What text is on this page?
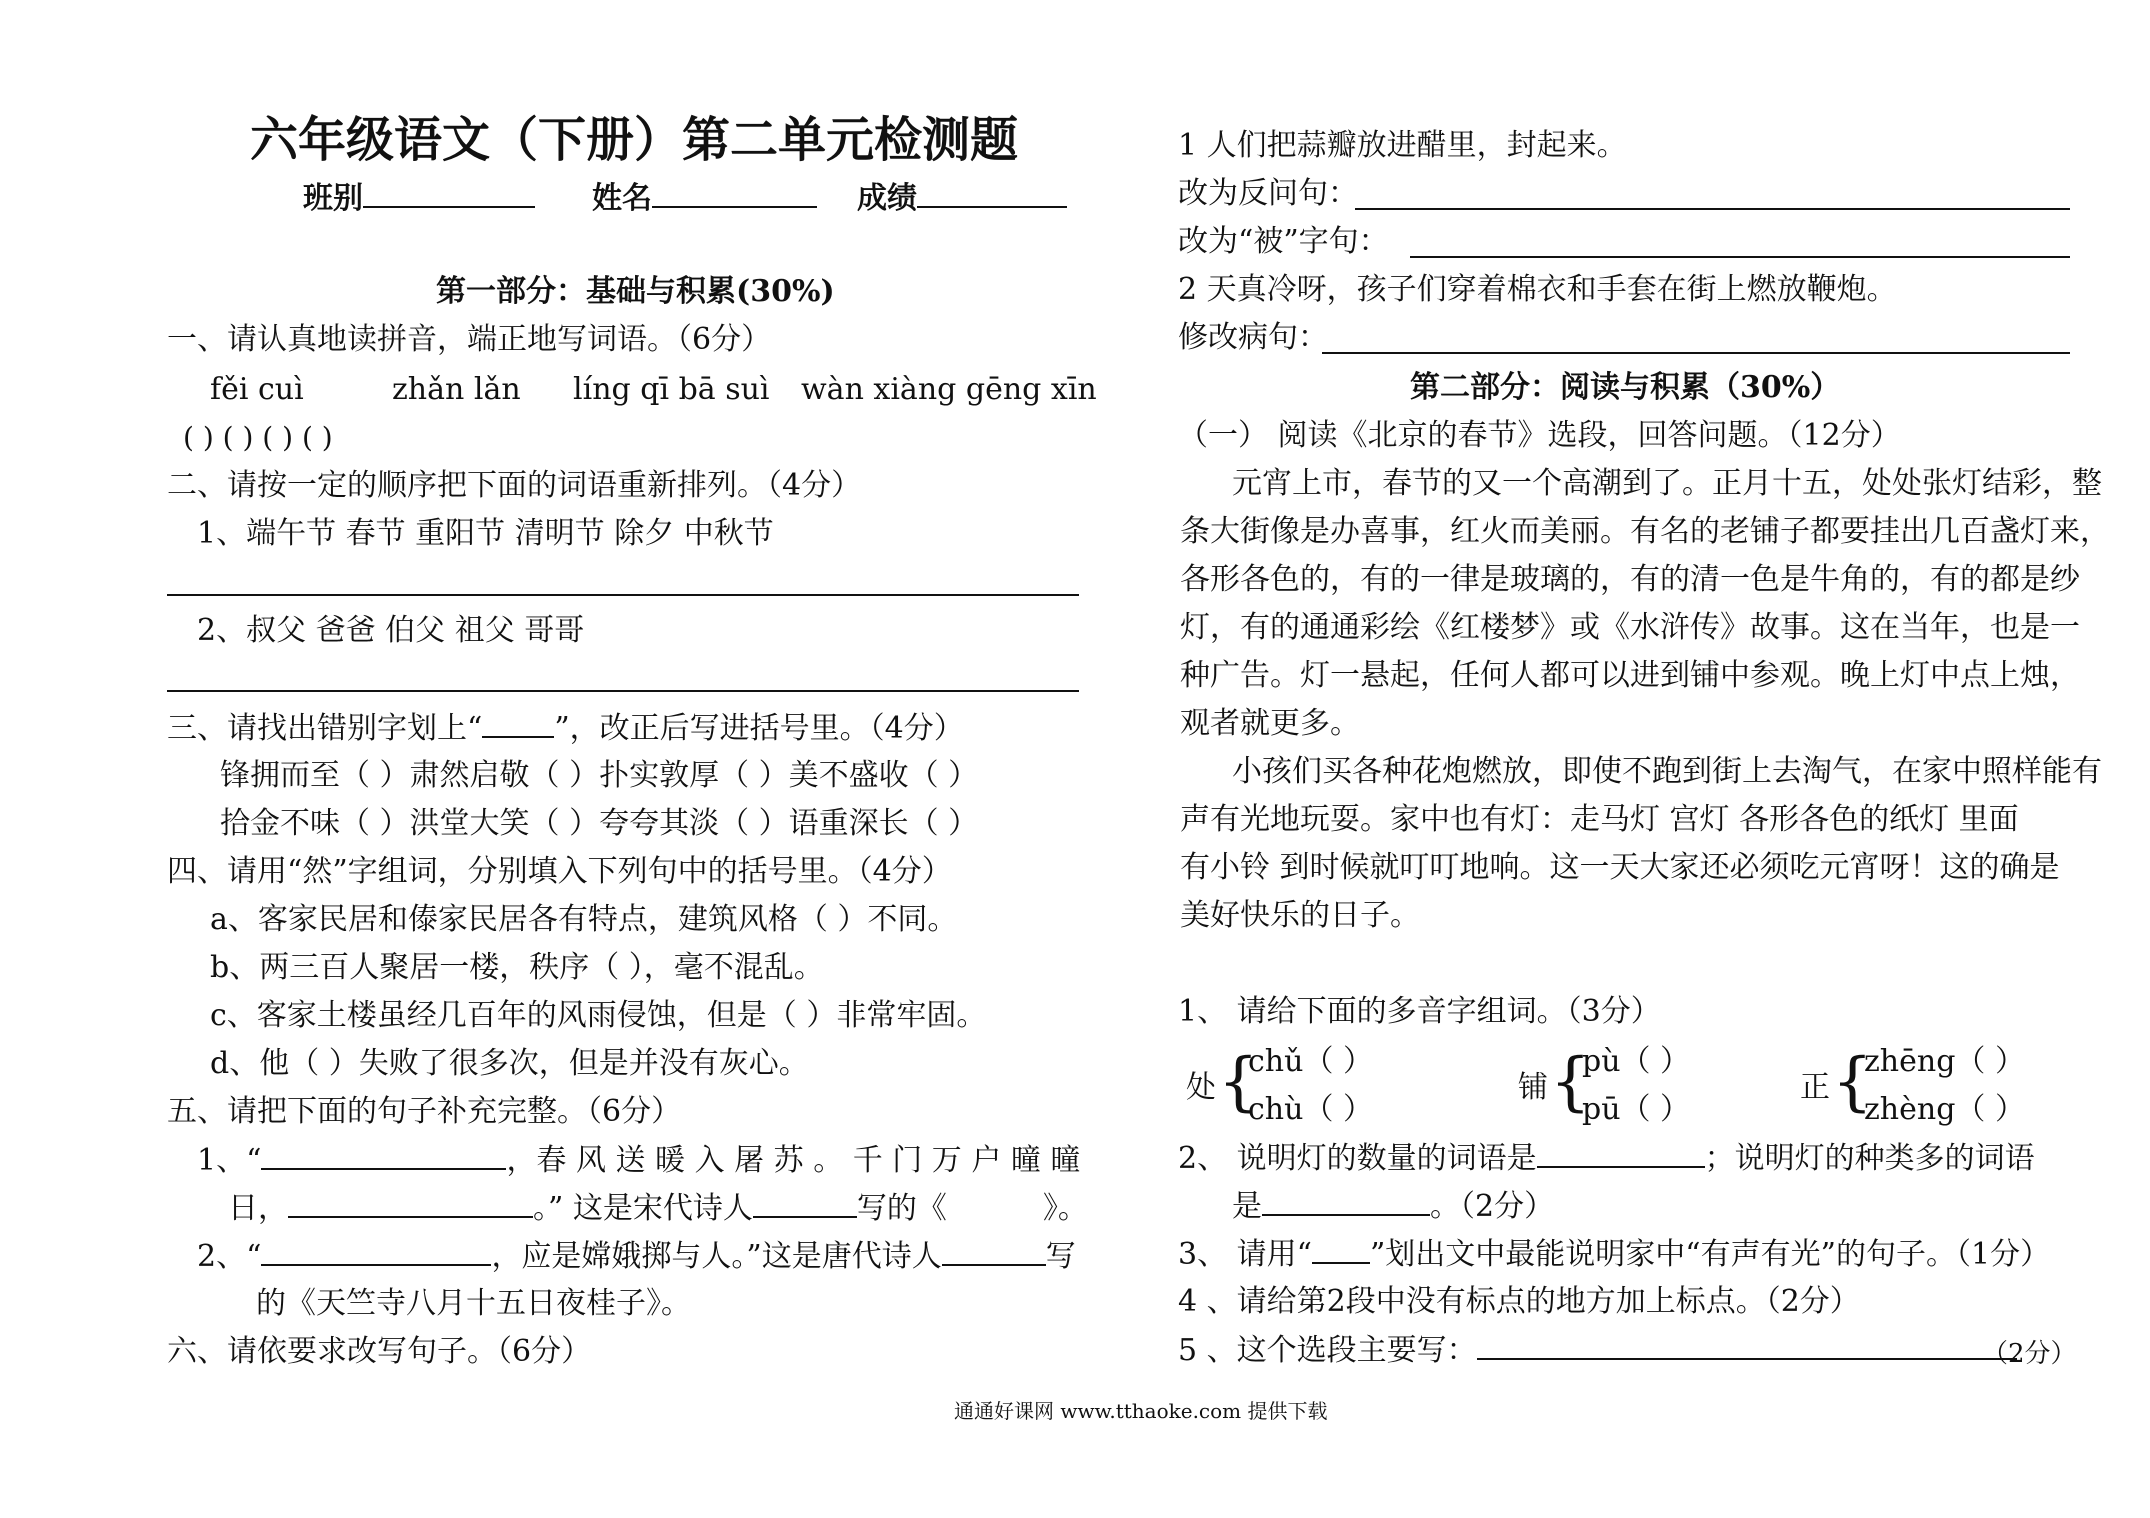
六年级语文（下册）第二单元检测题
班别	姓名	成绩
第一部分：基础与积累(30%)
一、请认真地读拼音，端正地写词语。（6分）
fěi cuì	zhǎn lǎn líng qī bā suì wàn xiàng gēng xīn
( ) ( ) ( ) ( )
二、请按一定的顺序把下面的词语重新排列。（4分）
1、端午节 春节 重阳节 清明节 除夕 中秋节
2、叔父 爸爸 伯父 祖父 哥哥
三、请找出错别字划上“ ”，改正后写进括号里。（4分）
锋拥而至（ ）肃然启敬（ ）扑实敦厚（ ）美不盛收（ ）
拾金不味（ ）洪堂大笑（ ）夸夸其淡（ ）语重深长（ ）
四、请用“然”字组词，分别填入下列句中的括号里。（4分）
a、客家民居和傣家民居各有特点，建筑风格（ ）不同。
b、两三百人聚居一楼，秩序（ ），毫不混乱。
c、客家土楼虽经几百年的风雨侵蚀，但是（ ）非常牢固。
d、他（ ）失败了很多次，但是并没有灰心。
五、请把下面的句子补充完整。（6分）
1、“	，春 风 送 暖 入 屠 苏 。 千 门 万 户 曈 曈
日，	。” 这是宋代诗人	写的《	》。
2、“	，应是嫦娥掷与人。”这是唐代诗人	写
的《天竺寺八月十五日夜桂子》。
六、请依要求改写句子。（6分）
1 人们把蒜瓣放进醋里，封起来。
改为反问句：
改为“被”字句：
2 天真冷呀，孩子们穿着棉衣和手套在街上燃放鞭炮。
修改病句：
第二部分：阅读与积累（30%）
（一） 阅读《北京的春节》选段，回答问题。（12分）
元宵上市，春节的又一个高潮到了。正月十五，处处张灯结彩，整
条大街像是办喜事，红火而美丽。有名的老铺子都要挂出几百盏灯来，
各形各色的，有的一律是玻璃的，有的清一色是牛角的，有的都是纱
灯，有的通通彩绘《红楼梦》或《水浒传》故事。这在当年，也是一
种广告。灯一悬起，任何人都可以进到铺中参观。晚上灯中点上烛，
观者就更多。
小孩们买各种花炮燃放，即使不跑到街上去淘气，在家中照样能有
声有光地玩耍。家中也有灯：走马灯 宫灯 各形各色的纸灯 里面
有小铃 到时候就叮叮地响。这一天大家还必须吃元宵呀！这的确是
美好快乐的日子。
1、 请给下面的多音字组词。（3分）
处 {
chǔ（ ）
chù（ ）
铺 {
pù（ ）
pū（ ）
正 {
zhēng（ ）
zhèng（ ）
2、 说明灯的数量的词语是	；说明灯的种类多的词语
是	。（2分）
3、 请用“ ”划出文中最能说明家中“有声有光”的句子。（1分）
4 、请给第2段中没有标点的地方加上标点。（2分）
5 、这个选段主要写：	（2分）
通通好课网 www.tthaoke.com 提供下载
